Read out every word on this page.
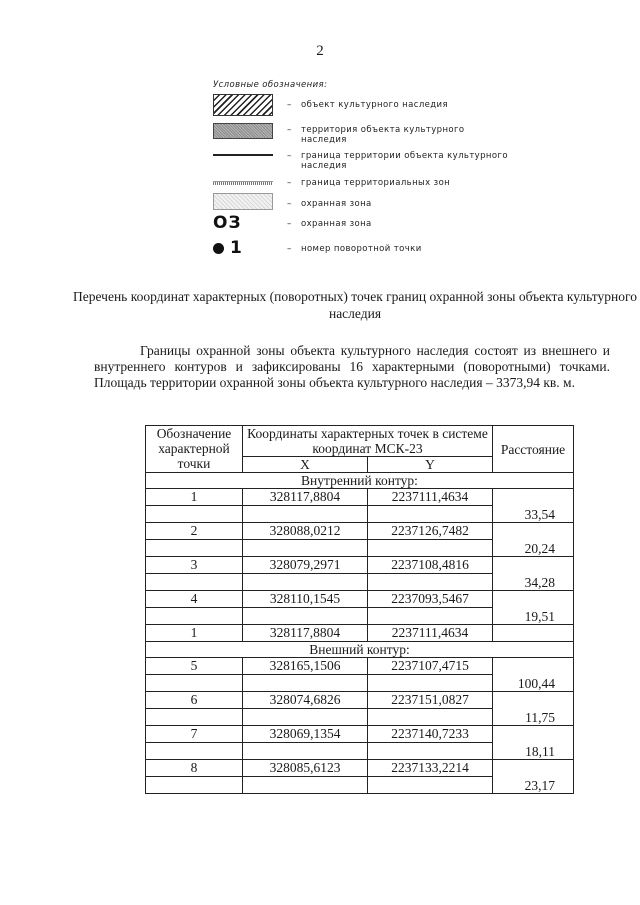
2
Условные обозначения:
– объект культурного наследия
– территория объекта культурного наследия
– граница территории объекта культурного наследия
– граница территориальных зон
– охранная зона
ОЗ	– охранная зона
1	– номер поворотной точки
Перечень координат характерных (поворотных) точек границ охранной зоны объекта культурного наследия
Границы охранной зоны объекта культурного наследия состоят из внешнего и внутреннего контуров и зафиксированы 16 характерными (поворотными) точками. Площадь территории охранной зоны объекта культурного наследия – 3373,94 кв. м.
Обозначение характерной точки	Координаты характерных точек в системе координат МСК-23		Расстояние
	X	Y	
Внутренний контур:			
1	328117,8804	2237111,4634	
			33,54
2	328088,0212	2237126,7482	
			20,24
3	328079,2971	2237108,4816	
			34,28
4	328110,1545	2237093,5467	
			19,51
1	328117,8804	2237111,4634	
Внешний контур:			
5	328165,1506	2237107,4715	
			100,44
6	328074,6826	2237151,0827	
			11,75
7	328069,1354	2237140,7233	
			18,11
8	328085,6123	2237133,2214	
			23,17
